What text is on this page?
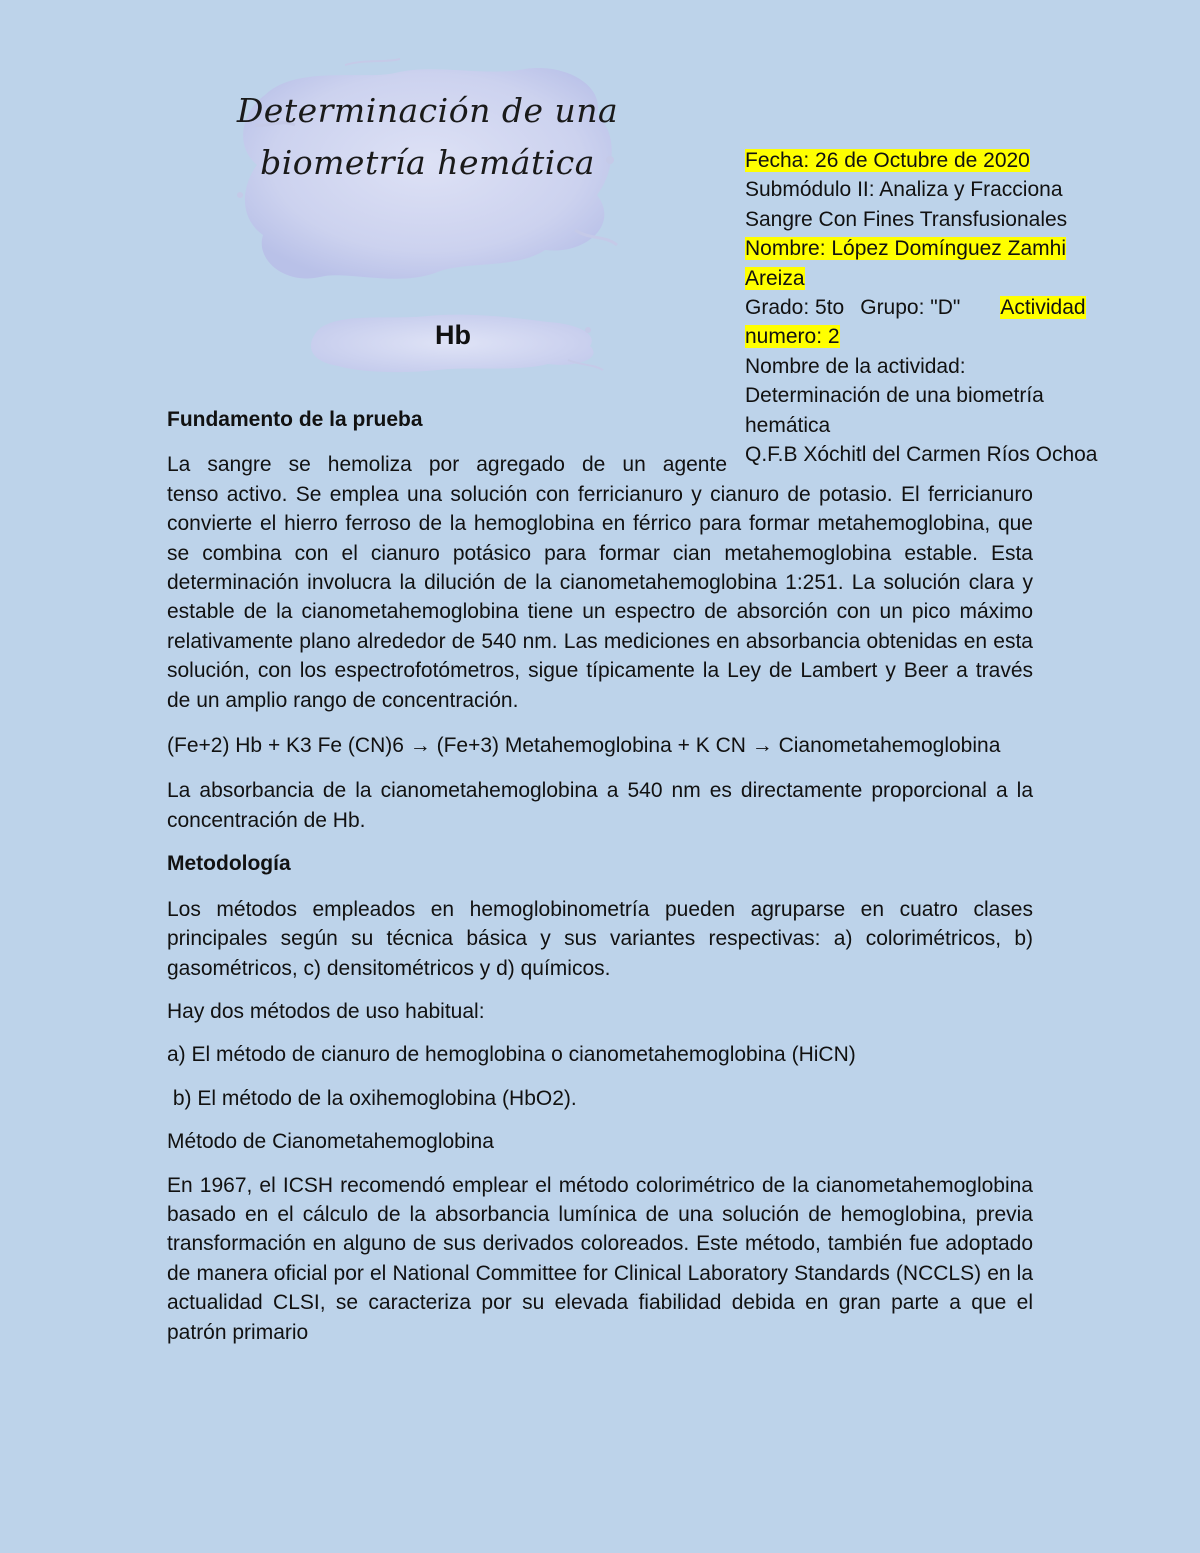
Determinación de una
biometría hemática
Hb
Fecha: 26 de Octubre de 2020
Submódulo II: Analiza y Fracciona
Sangre Con Fines Transfusionales
Nombre: López Domínguez Zamhi
Areiza
Grado: 5to Grupo: "D" Actividad
numero: 2
Nombre de la actividad:
Determinación de una biometría
hemática
Q.F.B Xóchitl del Carmen Ríos Ochoa

Fundamento de la prueba

La sangre se hemoliza por agregado de un agente

tenso activo. Se emplea una solución con ferricianuro y cianuro de potasio. El ferricianuro convierte el hierro ferroso de la hemoglobina en férrico para formar metahemoglobina, que se combina con el cianuro potásico para formar cian metahemoglobina estable. Esta determinación involucra la dilución de la cianometahemoglobina 1:251. La solución clara y estable de la cianometahemoglobina tiene un espectro de absorción con un pico máximo relativamente plano alrededor de 540 nm. Las mediciones en absorbancia obtenidas en esta solución, con los espectrofotómetros, sigue típicamente la Ley de Lambert y Beer a través de un amplio rango de concentración.

(Fe+2) Hb + K3 Fe (CN)6 → (Fe+3) Metahemoglobina + K CN → Cianometahemoglobina

La absorbancia de la cianometahemoglobina a 540 nm es directamente proporcional a la concentración de Hb.

Metodología

Los métodos empleados en hemoglobinometría pueden agruparse en cuatro clases principales según su técnica básica y sus variantes respectivas: a) colorimétricos, b) gasométricos, c) densitométricos y d) químicos.

Hay dos métodos de uso habitual:

a) El método de cianuro de hemoglobina o cianometahemoglobina (HiCN)

b) El método de la oxihemoglobina (HbO2).

Método de Cianometahemoglobina

En 1967, el ICSH recomendó emplear el método colorimétrico de la cianometahemoglobina basado en el cálculo de la absorbancia lumínica de una solución de hemoglobina, previa transformación en alguno de sus derivados coloreados. Este método, también fue adoptado de manera oficial por el National Committee for Clinical Laboratory Standards (NCCLS) en la actualidad CLSI, se caracteriza por su elevada fiabilidad debida en gran parte a que el patrón primario
